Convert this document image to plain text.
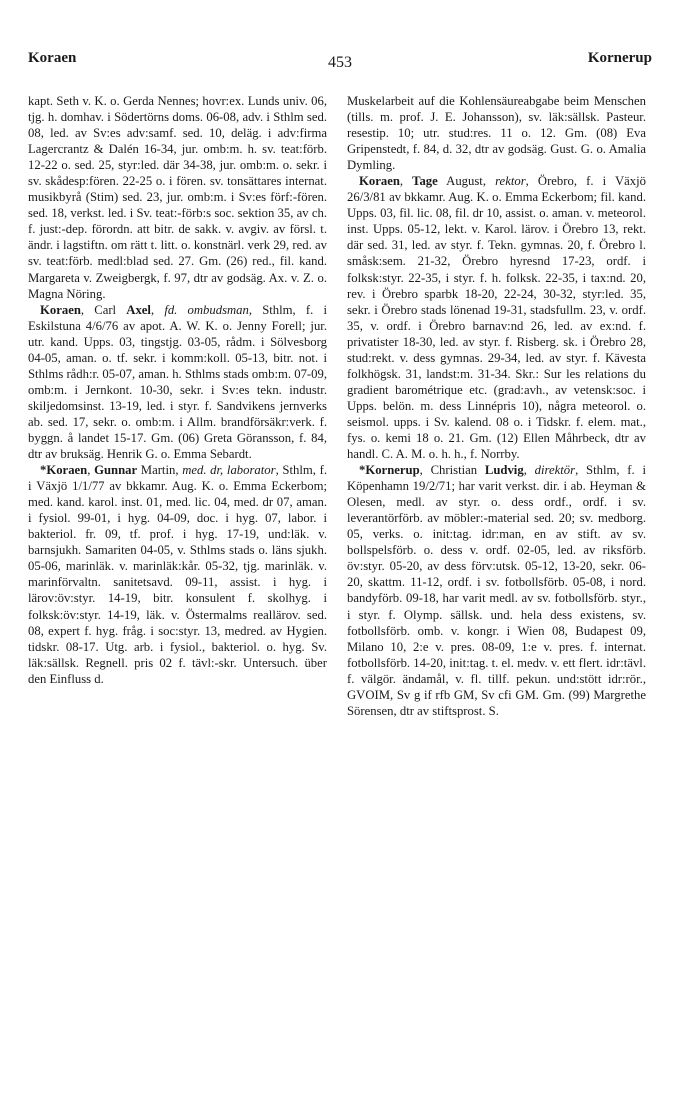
Koraen	453	Kornerup

kapt. Seth v. K. o. Gerda Nennes; hovr:ex. Lunds univ. 06, tjg. h. domhav. i Södertörns doms. 06-08, adv. i Sthlm sed. 08, led. av Sv:es adv:samf. sed. 10, deläg. i adv:firma Lagercrantz & Dalén 16-34, jur. omb:m. h. sv. teat:förb. 12-22 o. sed. 25, styr:led. där 34-38, jur. omb:m. o. sekr. i sv. skådesp:fören. 22-25 o. i fören. sv. tonsättares internat. musikbyrå (Stim) sed. 23, jur. omb:m. i Sv:es förf:-fören. sed. 18, verkst. led. i Sv. teat:-förb:s soc. sektion 35, av ch. f. just:-dep. förordn. att bitr. de sakk. v. avgiv. av försl. t. ändr. i lagstiftn. om rätt t. litt. o. konstnärl. verk 29, red. av sv. teat:förb. medl:blad sed. 27. Gm. (26) red., fil. kand. Margareta v. Zweigbergk, f. 97, dtr av godsäg. Ax. v. Z. o. Magna Nöring.

Koraen, Carl Axel, fd. ombudsman, Sthlm, f. i Eskilstuna 4/6/76 av apot. A. W. K. o. Jenny Forell; jur. utr. kand. Upps. 03, tingstjg. 03-05, rådm. i Sölvesborg 04-05, aman. o. tf. sekr. i komm:koll. 05-13, bitr. not. i Sthlms rådh:r. 05-07, aman. h. Sthlms stads omb:m. 07-09, omb:m. i Jernkont. 10-30, sekr. i Sv:es tekn. industr. skiljedomsinst. 13-19, led. i styr. f. Sandvikens jernverks ab. sed. 17, sekr. o. omb:m. i Allm. brandförsäkr:verk. f. byggn. å landet 15-17. Gm. (06) Greta Göransson, f. 84, dtr av bruksäg. Henrik G. o. Emma Sebardt.

*Koraen, Gunnar Martin, med. dr, laborator, Sthlm, f. i Växjö 1/1/77 av bkkamr. Aug. K. o. Emma Eckerbom; med. kand. karol. inst. 01, med. lic. 04, med. dr 07, aman. i fysiol. 99-01, i hyg. 04-09, doc. i hyg. 07, labor. i bakteriol. fr. 09, tf. prof. i hyg. 17-19, und:läk. v. barnsjukh. Samariten 04-05, v. Sthlms stads o. läns sjukh. 05-06, marinläk. v. marinläk:kår. 05-32, tjg. marinläk. v. marinförvaltn. sanitetsavd. 09-11, assist. i hyg. i lärov:öv:styr. 14-19, bitr. konsulent f. skolhyg. i folksk:öv:styr. 14-19, läk. v. Östermalms reallärov. sed. 08, expert f. hyg. fråg. i soc:styr. 13, medred. av Hygien. tidskr. 08-17. Utg. arb. i fysiol., bakteriol. o. hyg. Sv. läk:sällsk. Regnell. pris 02 f. tävl:-skr. Untersuch. über den Einfluss d.

Muskelarbeit auf die Kohlensäureabgabe beim Menschen (tills. m. prof. J. E. Johansson), sv. läk:sällsk. Pasteur. resestip. 10; utr. stud:res. 11 o. 12. Gm. (08) Eva Gripenstedt, f. 84, d. 32, dtr av godsäg. Gust. G. o. Amalia Dymling.

Koraen, Tage August, rektor, Örebro, f. i Växjö 26/3/81 av bkkamr. Aug. K. o. Emma Eckerbom; fil. kand. Upps. 03, fil. lic. 08, fil. dr 10, assist. o. aman. v. meteorol. inst. Upps. 05-12, lekt. v. Karol. lärov. i Örebro 13, rekt. där sed. 31, led. av styr. f. Tekn. gymnas. 20, f. Örebro l. småsk:sem. 21-32, Örebro hyresnd 17-23, ordf. i folksk:styr. 22-35, i styr. f. h. folksk. 22-35, i tax:nd. 20, rev. i Örebro sparbk 18-20, 22-24, 30-32, styr:led. 35, sekr. i Örebro stads lönenad 19-31, stadsfullm. 23, v. ordf. 35, v. ordf. i Örebro barnav:nd 26, led. av ex:nd. f. privatister 18-30, led. av styr. f. Risberg. sk. i Örebro 28, stud:rekt. v. dess gymnas. 29-34, led. av styr. f. Kävesta folkhögsk. 31, landst:m. 31-34. Skr.: Sur les relations du gradient barométrique etc. (grad:avh., av vetensk:soc. i Upps. belön. m. dess Linnépris 10), några meteorol. o. seismol. upps. i Sv. kalend. 08 o. i Tidskr. f. elem. mat., fys. o. kemi 18 o. 21. Gm. (12) Ellen Måhrbeck, dtr av handl. C. A. M. o. h. h., f. Norrby.

*Kornerup, Christian Ludvig, direktör, Sthlm, f. i Köpenhamn 19/2/71; har varit verkst. dir. i ab. Heyman & Olesen, medl. av styr. o. dess ordf., ordf. i sv. leverantörförb. av möbler:-material sed. 20; sv. medborg. 05, verks. o. init:tag. idr:man, en av stift. av sv. bollspelsförb. o. dess v. ordf. 02-05, led. av riksförb. öv:styr. 05-20, av dess förv:utsk. 05-12, 13-20, sekr. 06-20, skattm. 11-12, ordf. i sv. fotbollsförb. 05-08, i nord. bandyförb. 09-18, har varit medl. av sv. fotbollsförb. styr., i styr. f. Olymp. sällsk. und. hela dess existens, sv. fotbollsförb. omb. v. kongr. i Wien 08, Budapest 09, Milano 10, 2:e v. pres. 08-09, 1:e v. pres. f. internat. fotbollsförb. 14-20, init:tag. t. el. medv. v. ett flert. idr:tävl. f. välgör. ändamål, v. fl. tillf. pekun. und:stött idr:rör., GVOIM, Sv g if rfb GM, Sv cfi GM. Gm. (99) Margrethe Sörensen, dtr av stiftsprost. S.
